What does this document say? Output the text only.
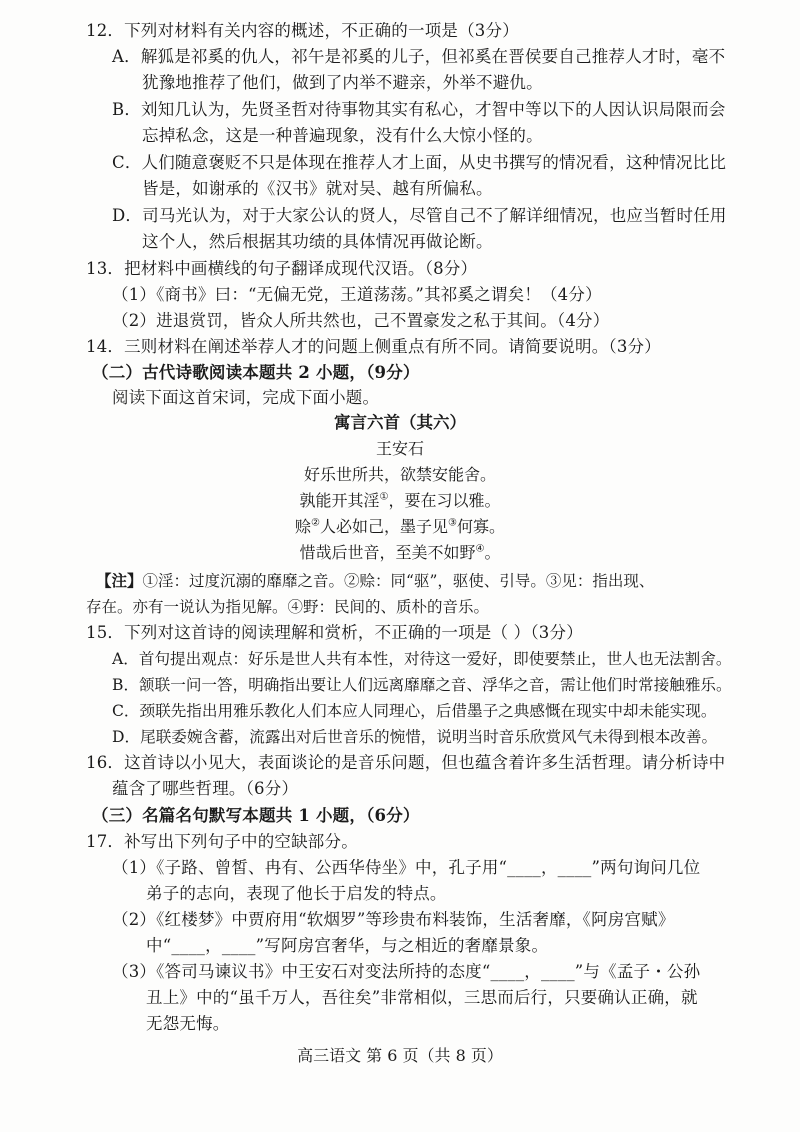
12．下列对材料有关内容的概述，不正确的一项是（3分）
A．解狐是祁奚的仇人，祁午是祁奚的儿子，但祁奚在晋侯要自己推荐人才时，毫不
犹豫地推荐了他们，做到了内举不避亲，外举不避仇。
B．刘知几认为，先贤圣哲对待事物其实有私心，才智中等以下的人因认识局限而会
忘掉私念，这是一种普遍现象，没有什么大惊小怪的。
C．人们随意褒贬不只是体现在推荐人才上面，从史书撰写的情况看，这种情况比比
皆是，如谢承的《汉书》就对吴、越有所偏私。
D．司马光认为，对于大家公认的贤人，尽管自己不了解详细情况，也应当暂时任用
这个人，然后根据其功绩的具体情况再做论断。
13．把材料中画横线的句子翻译成现代汉语。（8分）
（1）《商书》曰：“无偏无党，王道荡荡。”其祁奚之谓矣！（4分）
（2）进退赏罚，皆众人所共然也，己不置豪发之私于其间。（4分）
14．三则材料在阐述举荐人才的问题上侧重点有所不同。请简要说明。（3分）
（二）古代诗歌阅读本题共 2 小题，（9分）
阅读下面这首宋词，完成下面小题。
寓言六首（其六）
王安石
好乐世所共，欲禁安能舍。
孰能开其淫①，要在习以雅。
赊②人必如己，墨子见③何寡。
惜哉后世音，至美不如野④。
【注】①淫：过度沉溺的靡靡之音。②赊：同“驱”，驱使、引导。③见：指出现、
存在。亦有一说认为指见解。④野：民间的、质朴的音乐。
15．下列对这首诗的阅读理解和赏析，不正确的一项是（ ）（3分）
A．首句提出观点：好乐是世人共有本性，对待这一爱好，即使要禁止，世人也无法割舍。
B．颔联一问一答，明确指出要让人们远离靡靡之音、浮华之音，需让他们时常接触雅乐。
C．颈联先指出用雅乐教化人们本应人同理心，后借墨子之典感慨在现实中却未能实现。
D．尾联委婉含蓄，流露出对后世音乐的惋惜，说明当时音乐欣赏风气未得到根本改善。
16．这首诗以小见大，表面谈论的是音乐问题，但也蕴含着许多生活哲理。请分析诗中
蕴含了哪些哲理。（6分）
（三）名篇名句默写本题共 1 小题，（6分）
17．补写出下列句子中的空缺部分。
（1）《子路、曾皙、冉有、公西华侍坐》中，孔子用“____，____”两句询问几位
弟子的志向，表现了他长于启发的特点。
（2）《红楼梦》中贾府用“软烟罗”等珍贵布料装饰，生活奢靡，《阿房宫赋》
中“____，____”写阿房宫奢华，与之相近的奢靡景象。
（3）《答司马谏议书》中王安石对变法所持的态度“____，____”与《孟子・公孙
丑上》中的“虽千万人，吾往矣”非常相似，三思而后行，只要确认正确，就
无怨无悔。
高三语文 第 6 页（共 8 页）
